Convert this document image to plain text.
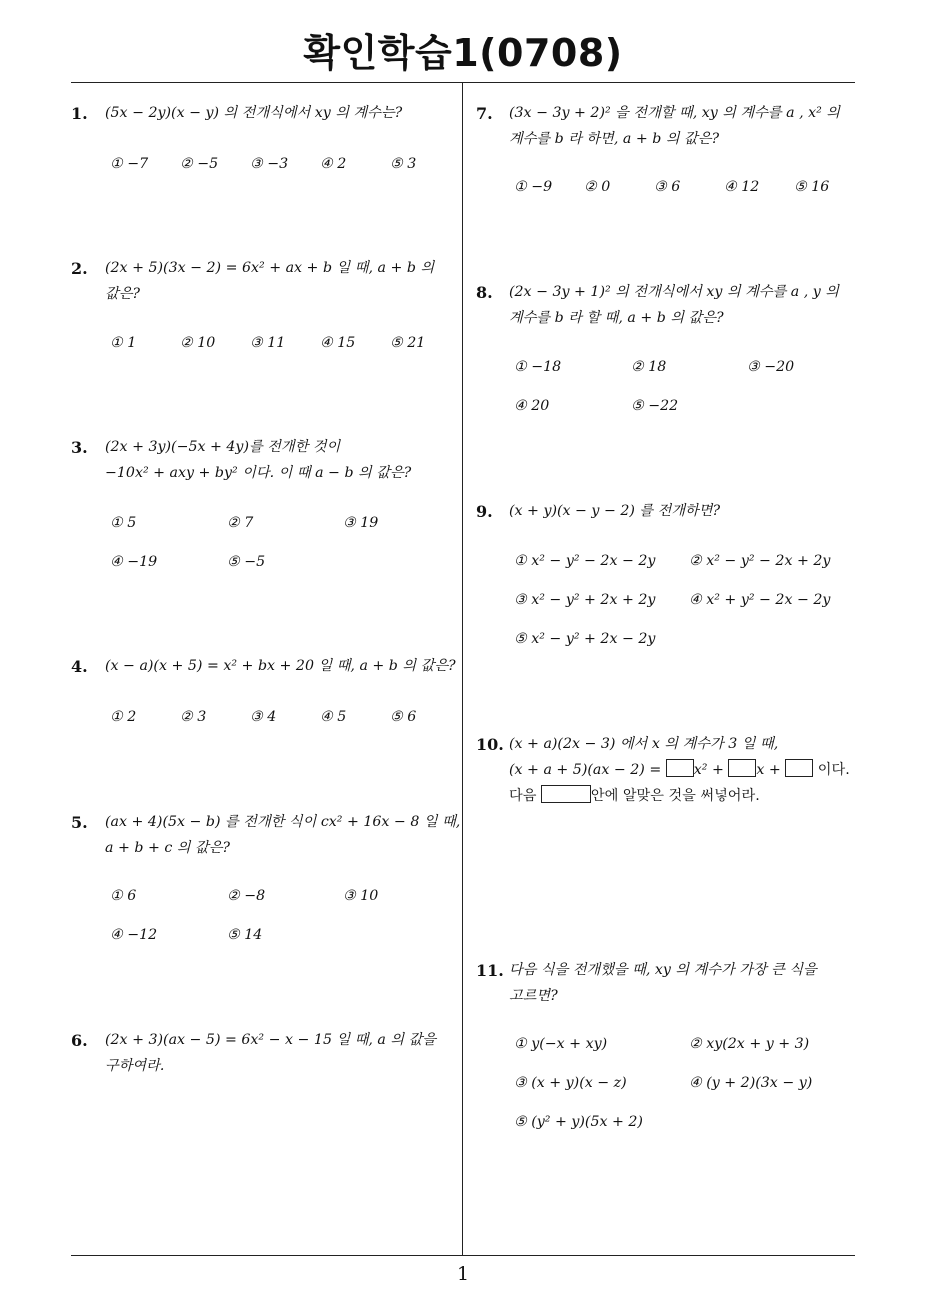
확인학습1(0708)
1
1. (5x − 2y)(x − y) 의 전개식에서 xy 의 계수는?
① −7 ② −5 ③ −3 ④ 2	⑤ 3
2. (2x + 5)(3x − 2) = 6x² + ax + b 일 때, a + b 의
값은?
① 1	② 10 ③ 11 ④ 15 ⑤ 21
3. (2x + 3y)(−5x + 4y)를 전개한 것이
−10x² + axy + by² 이다. 이 때 a − b 의 값은?
① 5	② 7	③ 19
④ −19	⑤ −5
4. (x − a)(x + 5) = x² + bx + 20 일 때, a + b 의 값은?
① 2	② 3	③ 4	④ 5	⑤ 6
5. (ax + 4)(5x − b) 를 전개한 식이 cx² + 16x − 8 일 때,
a + b + c 의 값은?
① 6	② −8	③ 10
④ −12	⑤ 14
6. (2x + 3)(ax − 5) = 6x² − x − 15 일 때, a 의 값을
구하여라.
7. (3x − 3y + 2)² 을 전개할 때, xy 의 계수를 a , x² 의
계수를 b 라 하면, a + b 의 값은?
① −9 ② 0	③ 6	④ 12 ⑤ 16
8. (2x − 3y + 1)² 의 전개식에서 xy 의 계수를 a , y 의
계수를 b 라 할 때, a + b 의 값은?
① −18	② 18	③ −20
④ 20	⑤ −22
9. (x + y)(x − y − 2) 를 전개하면?
① x² − y² − 2x − 2y ② x² − y² − 2x + 2y
③ x² − y² + 2x + 2y ④ x² + y² − 2x − 2y
⑤ x² − y² + 2x − 2y
10. (x + a)(2x − 3) 에서 x 의 계수가 3 일 때,
(x + a + 5)(ax − 2) = x² + x +  이다.
다음	안에 알맞은 것을 써넣어라.
11. 다음 식을 전개했을 때, xy 의 계수가 가장 큰 식을
고르면?
① y(−x + xy)	② xy(2x + y + 3)
③ (x + y)(x − z)	④ (y + 2)(3x − y)
⑤ (y² + y)(5x + 2)
